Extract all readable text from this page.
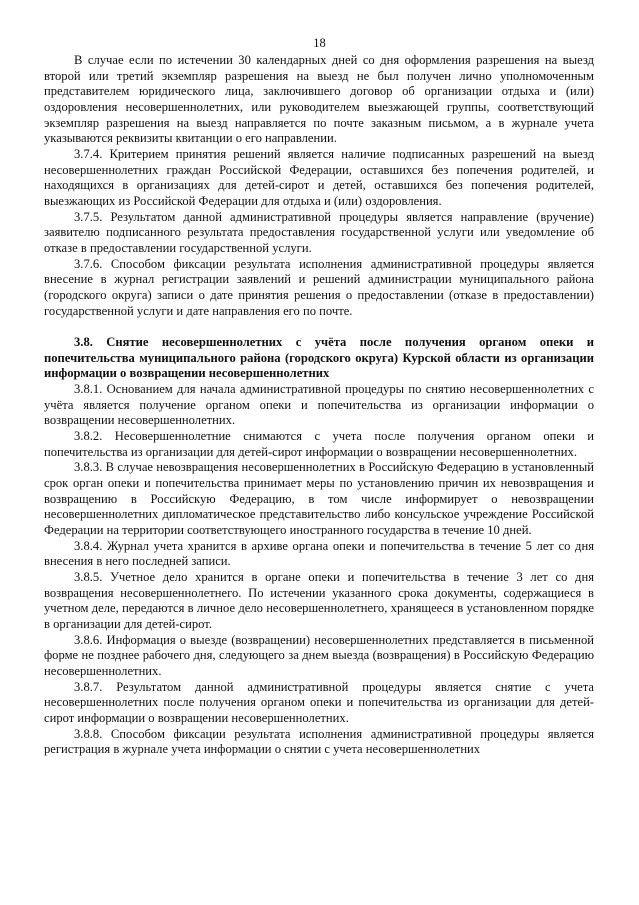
18

В случае если по истечении 30 календарных дней со дня оформления разрешения на выезд второй или третий экземпляр разрешения на выезд не был получен лично уполномоченным представителем юридического лица, заключившего договор об организации отдыха и (или) оздоровления несовершеннолетних, или руководителем выезжающей группы, соответствующий экземпляр разрешения на выезд направляется по почте заказным письмом, а в журнале учета указываются реквизиты квитанции о его направлении.

3.7.4. Критерием принятия решений является наличие подписанных разрешений на выезд несовершеннолетних граждан Российской Федерации, оставшихся без попечения родителей, и находящихся в организациях для детей-сирот и детей, оставшихся без попечения родителей, выезжающих из Российской Федерации для отдыха и (или) оздоровления.

3.7.5. Результатом данной административной процедуры является направление (вручение) заявителю подписанного результата предоставления государственной услуги или уведомление об отказе в предоставлении государственной услуги.

3.7.6. Способом фиксации результата исполнения административной процедуры является внесение в журнал регистрации заявлений и решений администрации муниципального района (городского округа) записи о дате принятия решения о предоставлении (отказе в предоставлении) государственной услуги и дате направления его по почте.

3.8. Снятие несовершеннолетних с учёта после получения органом опеки и попечительства муниципального района (городского округа) Курской области из организации информации о возвращении несовершеннолетних

3.8.1. Основанием для начала административной процедуры по снятию несовершеннолетних с учёта является получение органом опеки и попечительства из организации информации о возвращении несовершеннолетних.

3.8.2. Несовершеннолетние снимаются с учета после получения органом опеки и попечительства из организации для детей-сирот информации о возвращении несовершеннолетних.

3.8.3. В случае невозвращения несовершеннолетних в Российскую Федерацию в установленный срок орган опеки и попечительства принимает меры по установлению причин их невозвращения и возвращению в Российскую Федерацию, в том числе информирует о невозвращении несовершеннолетних дипломатическое представительство либо консульское учреждение Российской Федерации на территории соответствующего иностранного государства в течение 10 дней.

3.8.4. Журнал учета хранится в архиве органа опеки и попечительства в течение 5 лет со дня внесения в него последней записи.

3.8.5. Учетное дело хранится в органе опеки и попечительства в течение 3 лет со дня возвращения несовершеннолетнего. По истечении указанного срока документы, содержащиеся в учетном деле, передаются в личное дело несовершеннолетнего, хранящееся в установленном порядке в организации для детей-сирот.

3.8.6. Информация о выезде (возвращении) несовершеннолетних представляется в письменной форме не позднее рабочего дня, следующего за днем выезда (возвращения) в Российскую Федерацию несовершеннолетних.

3.8.7. Результатом данной административной процедуры является снятие с учета несовершеннолетних после получения органом опеки и попечительства из организации для детей-сирот информации о возвращении несовершеннолетних.

3.8.8. Способом фиксации результата исполнения административной процедуры является регистрация в журнале учета информации о снятии с учета несовершеннолетних
